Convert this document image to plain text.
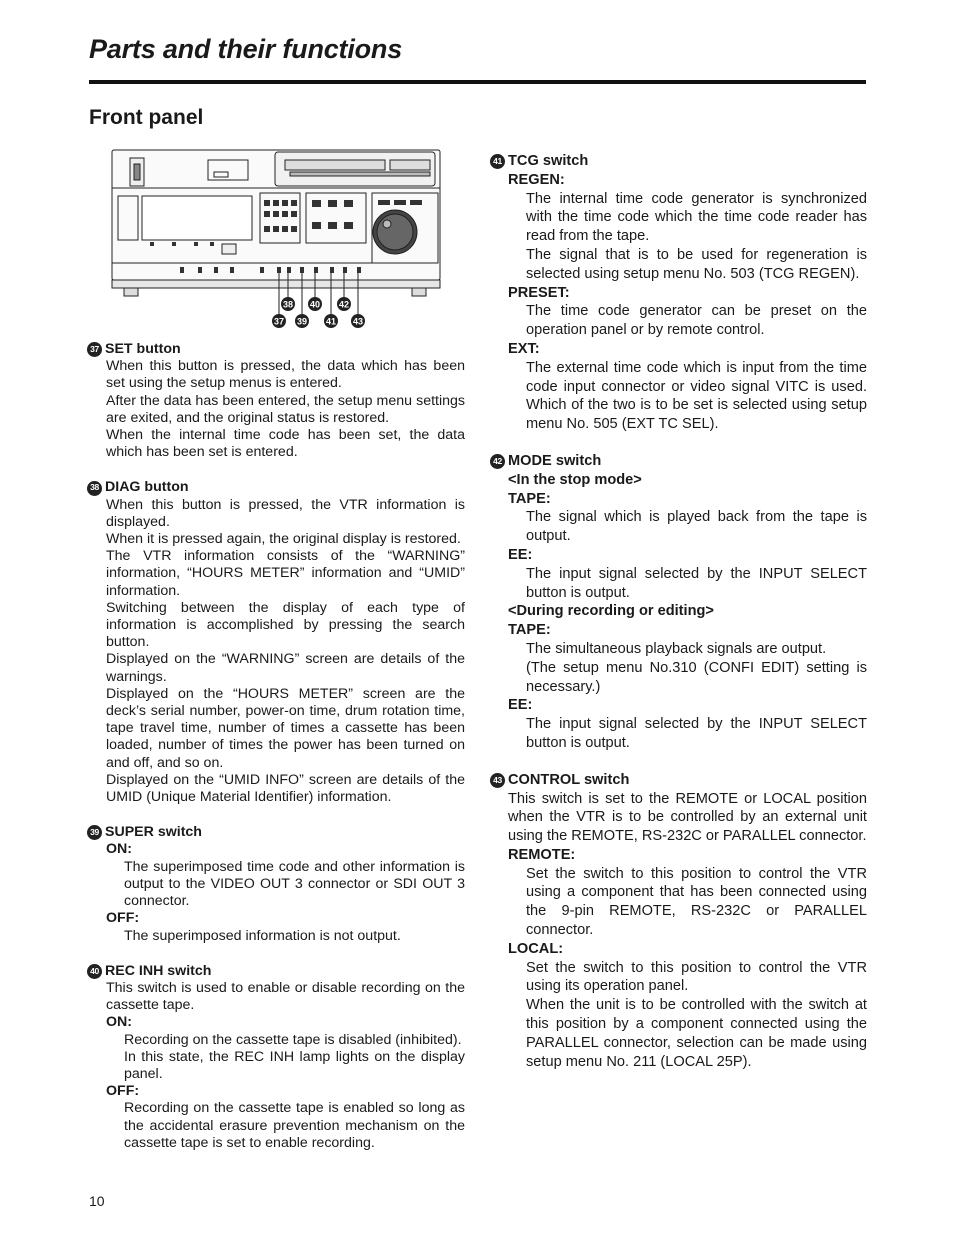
Parts and their functions
Front panel
38 40 42
37 39 41 43
37 SET button
When this button is pressed, the data which has been set using the setup menus is entered.
After the data has been entered, the setup menu settings are exited, and the original status is restored.
When the internal time code has been set, the data which has been set is entered.
38 DIAG button
When this button is pressed, the VTR information is displayed.
When it is pressed again, the original display is restored.
The VTR information consists of the “WARNING” information, “HOURS METER” information and “UMID” information.
Switching between the display of each type of information is accomplished by pressing the search button.
Displayed on the “WARNING” screen are details of the warnings.
Displayed on the “HOURS METER” screen are the deck’s serial number, power-on time, drum rotation time, tape travel time, number of times a cassette has been loaded, number of times the power has been turned on and off, and so on.
Displayed on the “UMID INFO” screen are details of the UMID (Unique Material Identifier) information.
39 SUPER switch
ON:
The superimposed time code and other information is output to the VIDEO OUT 3 connector or SDI OUT 3 connector.
OFF:
The superimposed information is not output.
40 REC INH switch
This switch is used to enable or disable recording on the cassette tape.
ON:
Recording on the cassette tape is disabled (inhibited).
In this state, the REC INH lamp lights on the display panel.
OFF:
Recording on the cassette tape is enabled so long as the accidental erasure prevention mechanism on the cassette tape is set to enable recording.
41 TCG switch
REGEN:
The internal time code generator is synchronized with the time code which the time code reader has read from the tape.
The signal that is to be used for regeneration is selected using setup menu No. 503 (TCG REGEN).
PRESET:
The time code generator can be preset on the operation panel or by remote control.
EXT:
The external time code which is input from the time code input connector or video signal VITC is used. Which of the two is to be set is selected using setup menu No. 505 (EXT TC SEL).
42 MODE switch
<In the stop mode>
TAPE:
The signal which is played back from the tape is output.
EE:
The input signal selected by the INPUT SELECT button is output.
<During recording or editing>
TAPE:
The simultaneous playback signals are output.
(The setup menu No.310 (CONFI EDIT) setting is necessary.)
EE:
The input signal selected by the INPUT SELECT button is output.
43 CONTROL switch
This switch is set to the REMOTE or LOCAL position when the VTR is to be controlled by an external unit using the REMOTE, RS-232C or PARALLEL connector.
REMOTE:
Set the switch to this position to control the VTR using a component that has been connected using the 9-pin REMOTE, RS-232C or PARALLEL connector.
LOCAL:
Set the switch to this position to control the VTR using its operation panel.
When the unit is to be controlled with the switch at this position by a component connected using the PARALLEL connector, selection can be made using setup menu No. 211 (LOCAL 25P).
10
